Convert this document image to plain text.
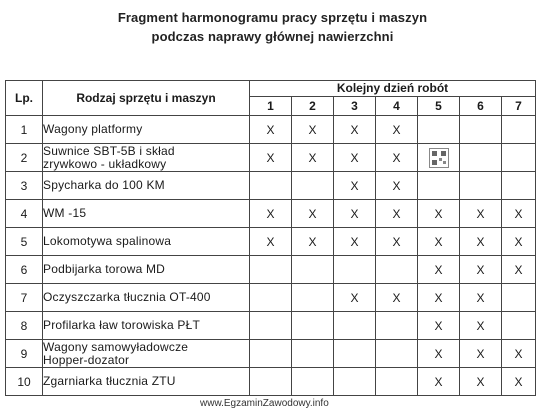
Fragment harmonogramu pracy sprzętu i maszyn
podczas naprawy głównej nawierzchni
Lp.	Rodzaj sprzętu i maszyn	Kolejny dzień robót						
		1	2	3	4	5	6	7
1	Wagony platformy	X	X	X	X			
2	Suwnice SBT-5B i skład
zrywkowo - układkowy	X	X	X	X			
3	Spycharka do 100 KM			X	X			
4	WM -15	X	X	X	X	X	X	X
5	Lokomotywa spalinowa	X	X	X	X	X	X	X
6	Podbijarka torowa MD					X	X	X
7	Oczyszczarka tłucznia OT-400			X	X	X	X	
8	Profilarka ław torowiska PŁT					X	X	
9	Wagony samowyładowcze
Hopper-dozator					X	X	X
10	Zgarniarka tłucznia ZTU					X	X	X
www.EgzaminZawodowy.info
